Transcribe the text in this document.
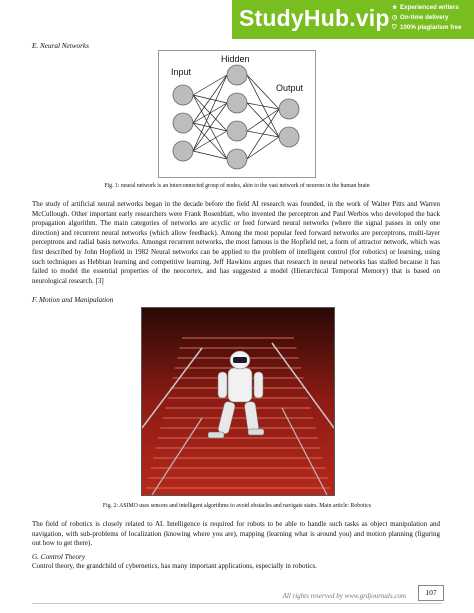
StudyHub.vip ★ Experienced writers
◷ On-time delivery
⛉ 100% plagiarism free
E. Neural Networks
Input
Hidden
Output
Fig. 1: neural network is an interconnected group of nodes, akin to the vast network of neurons in the human brain
The study of artificial neural networks began in the decade before the field AI research was founded, in the work of Walter Pitts and Warren McCullough. Other important early researchers were Frank Rosenblatt, who invented the perceptron and Paul Werbos who developed the back propagation algorithm. The main categories of networks are acyclic or feed forward neural networks (where the signal passes in only one direction) and recurrent neural networks (which allow feedback). Among the most popular feed forward networks are perceptrons, multi-layer perceptrons and radial basis networks. Amongst recurrent networks, the most famous is the Hopfield net, a form of attractor network, which was first described by John Hopfield in 1982 Neural networks can be applied to the problem of intelligent control (for robotics) or learning, using such techniques as Hebbian learning and competitive learning. Jeff Hawkins argues that research in neural networks has stalled because it has failed to model the essential properties of the neocortex, and has suggested a model (Hierarchical Temporal Memory) that is based on neurological research. [3]
F. Motion and Manipulation
Fig. 2: ASIMO uses sensors and intelligent algorithms to avoid obstacles and navigate stairs. Main article: Robotics
The field of robotics is closely related to AI. Intelligence is required for robots to be able to handle such tasks as object manipulation and navigation, with sub-problems of localization (knowing where you are), mapping (learning what is around you) and motion planning (figuring out how to get there).
G. Control Theory
Control theory, the grandchild of cybernetics, has many important applications, especially in robotics.
All rights reserved by www.grdjournals.com	107
